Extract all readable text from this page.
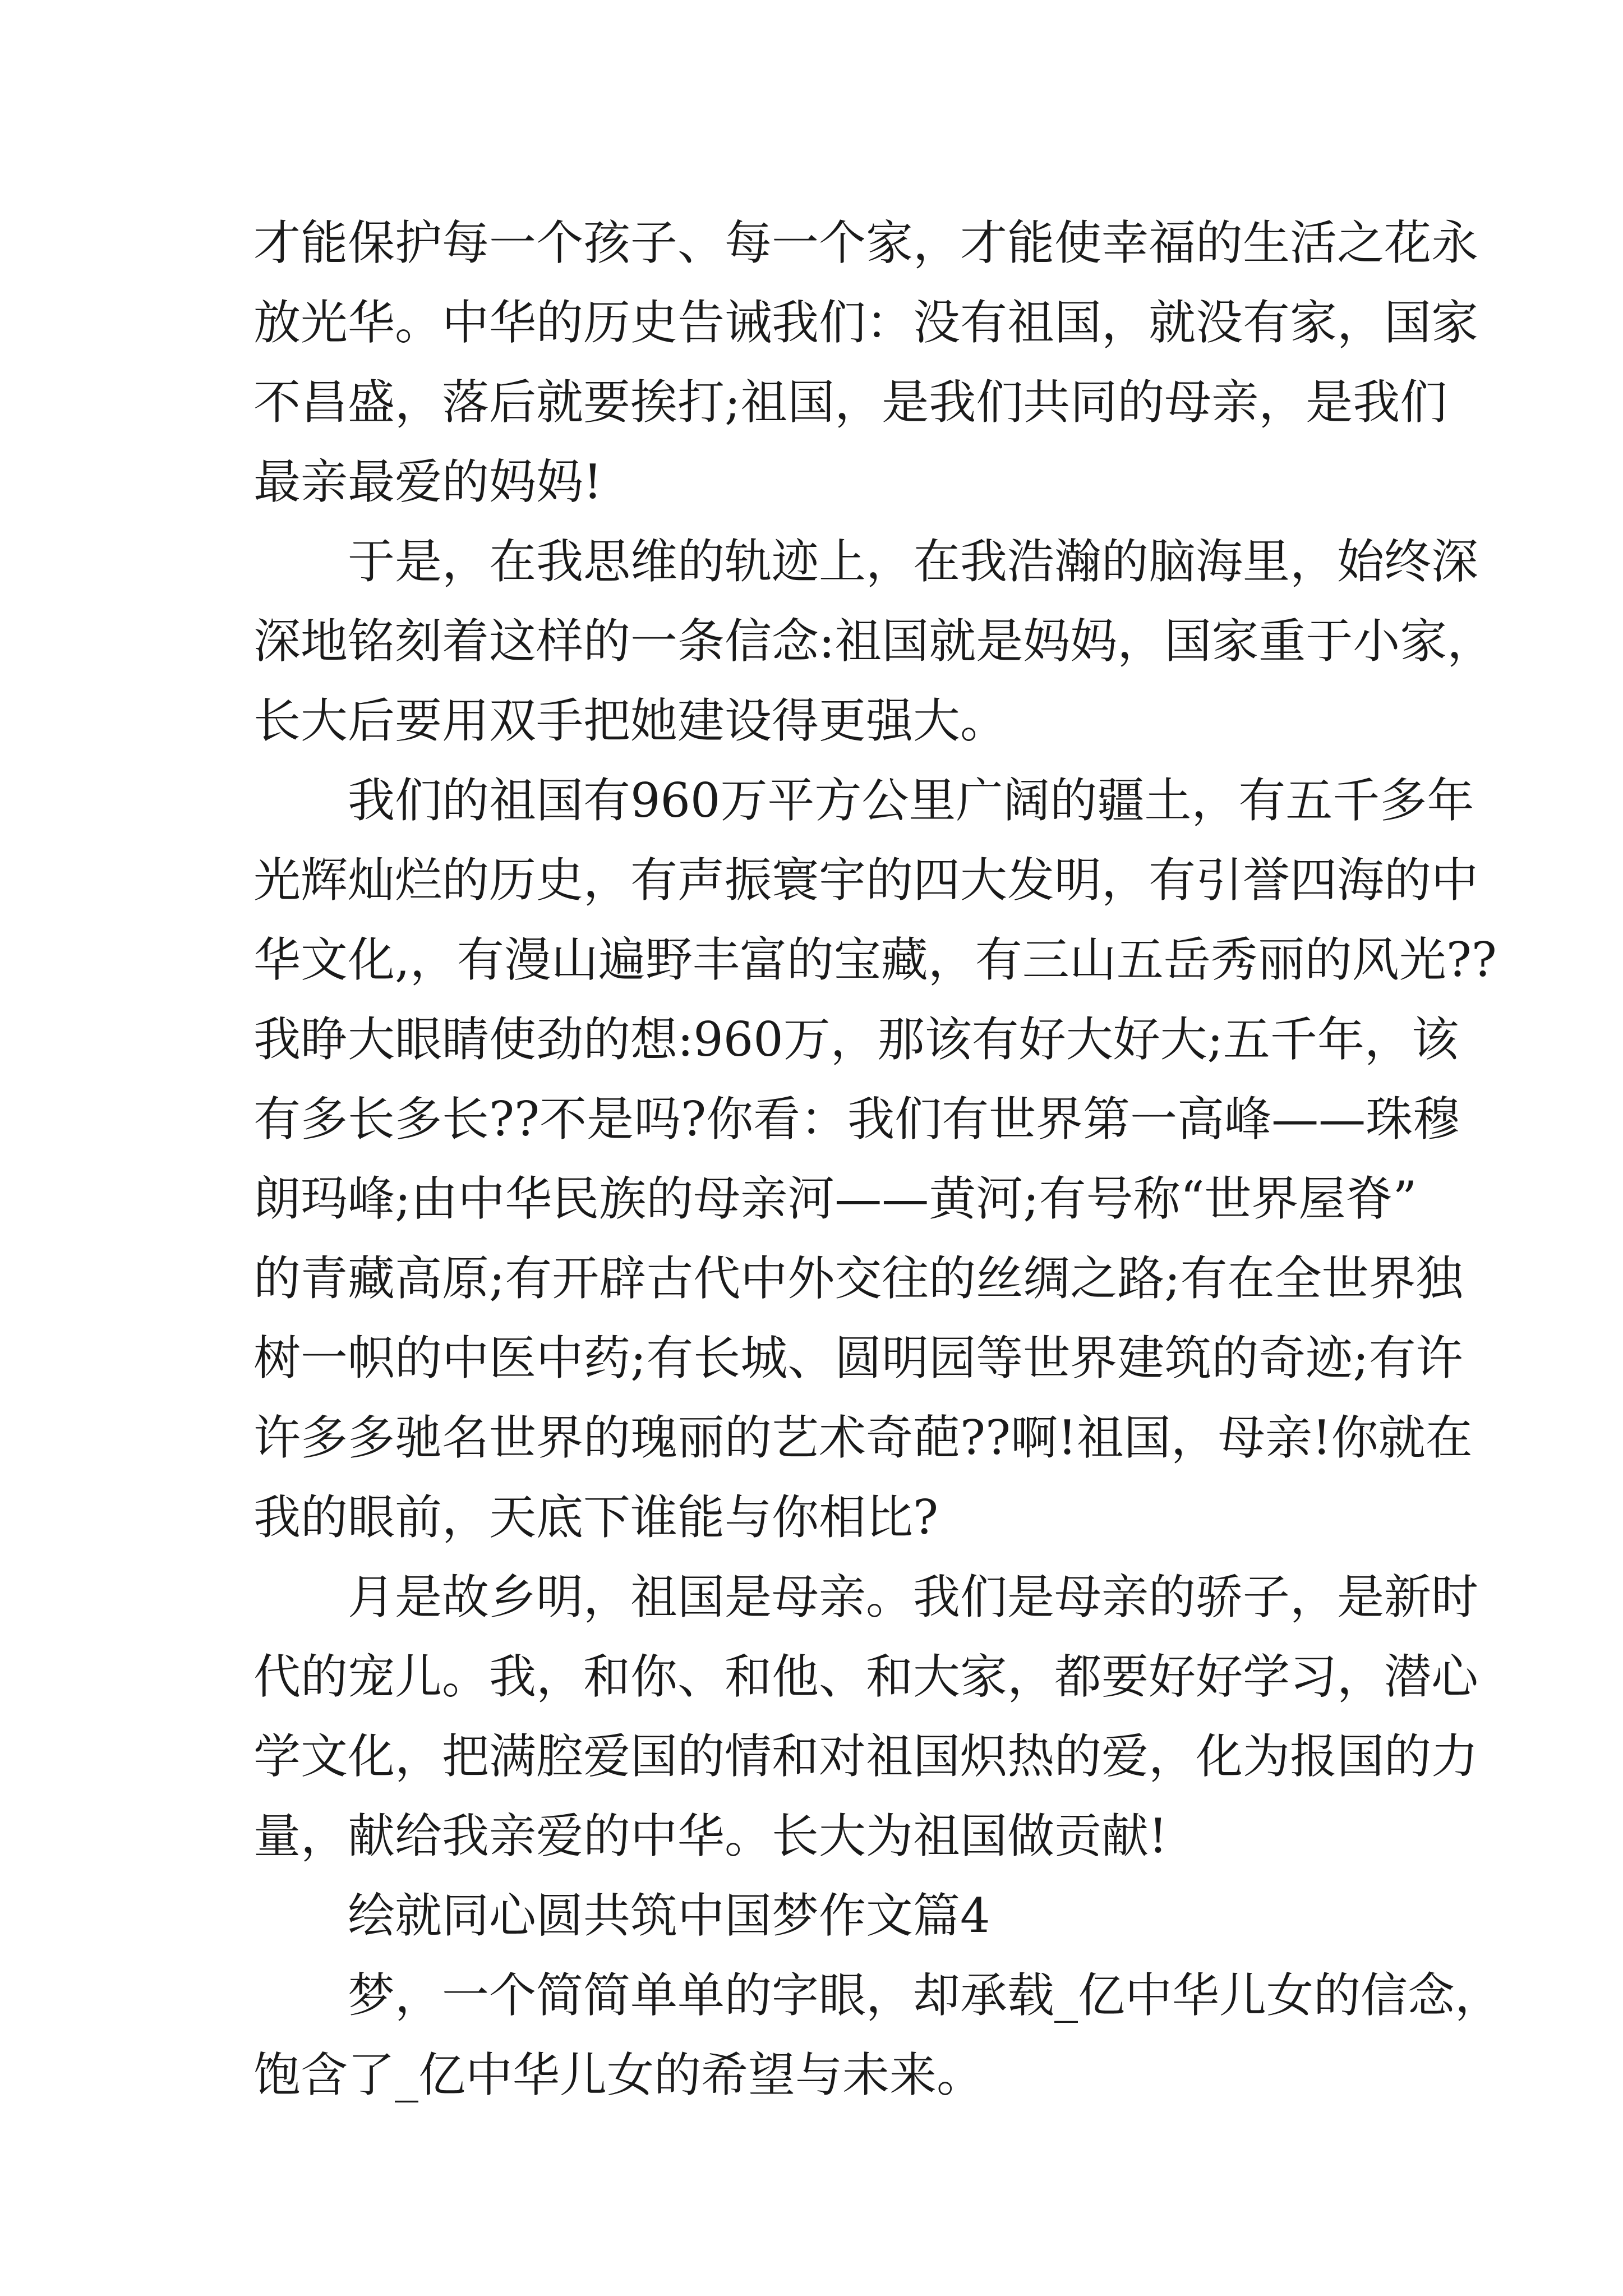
才能保护每一个孩子、每一个家，才能使幸福的生活之花永
放光华。中华的历史告诫我们：没有祖国，就没有家，国家
不昌盛，落后就要挨打;祖国，是我们共同的母亲，是我们
最亲最爱的妈妈!
于是，在我思维的轨迹上，在我浩瀚的脑海里，始终深
深地铭刻着这样的一条信念:祖国就是妈妈，国家重于小家，
长大后要用双手把她建设得更强大。
我们的祖国有960万平方公里广阔的疆土，有五千多年
光辉灿烂的历史，有声振寰宇的四大发明，有引誉四海的中
华文化,，有漫山遍野丰富的宝藏，有三山五岳秀丽的风光??
我睁大眼睛使劲的想:960万，那该有好大好大;五千年，该
有多长多长??不是吗?你看：我们有世界第一高峰——珠穆
朗玛峰;由中华民族的母亲河——黄河;有号称“世界屋脊”
的青藏高原;有开辟古代中外交往的丝绸之路;有在全世界独
树一帜的中医中药;有长城、圆明园等世界建筑的奇迹;有许
许多多驰名世界的瑰丽的艺术奇葩??啊!祖国，母亲!你就在
我的眼前，天底下谁能与你相比?
月是故乡明，祖国是母亲。我们是母亲的骄子，是新时
代的宠儿。我，和你、和他、和大家，都要好好学习，潜心
学文化，把满腔爱国的情和对祖国炽热的爱，化为报国的力
量，献给我亲爱的中华。长大为祖国做贡献!
绘就同心圆共筑中国梦作文篇4
梦，一个简简单单的字眼，却承载_亿中华儿女的信念，
饱含了_亿中华儿女的希望与未来。
